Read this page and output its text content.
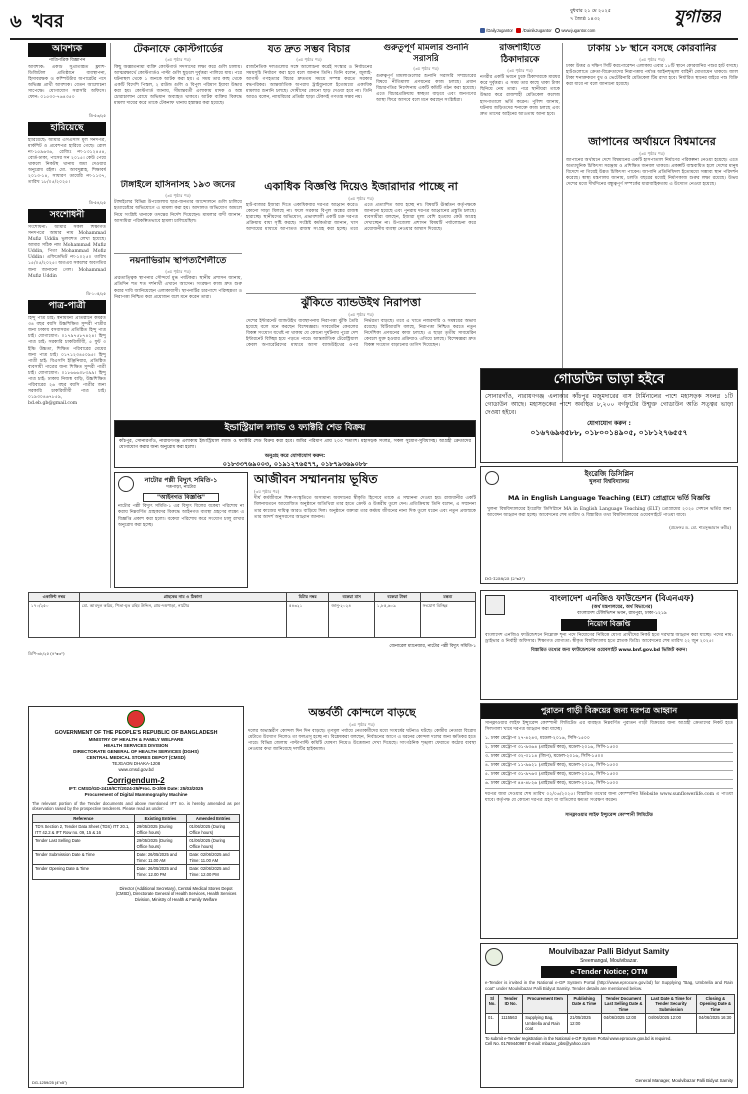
৬ খবর	বুধবার ২১ মে ২০২৫
৭ জ্যৈষ্ঠ ১৪৩২	যুগান্তর
/DailyJugantor /DainikJugantor www.jugantor.com
আবশ্যক
পাত্রিপত্রিক বিজ্ঞাপন
আবশ্যক: একটি সুপ্রতিষ্ঠিত ফ্ল্যাশ-ডিজিটাল প্রতিষ্ঠানে ব্যবস্থাপনা, হিসাবরক্ষক ও কম্পিউটার অপারেটর পদে অভিজ্ঞ প্রার্থী আবশ্যক। বেতন আলোচনা সাপেক্ষে। যোগাযোগ সরাসরি অফিসে। ফোন: ০১৫৩০-৭৬৪৩৫০
ডি-৫৩/২৫
হারিয়েছে
হারিয়েছে: আমার এসএসসি মূল সনদপত্র, মার্কশিট ও প্রবেশপত্র হারিয়ে গেছে। রোল নং-১৫৯৬৩৬, রেজিঃ নং-১৩১২৪৫৪, বোর্ড-ঢাকা, পাসের সন ২০১৫। কেউ পেয়ে থাকলে নিকটস্থ থানায় জমা দেওয়ার অনুরোধ রইল। মো. আবদুল্লাহ, শিক্ষাবর্ষ ২০১৩-১৪, সাধারণ ডায়েরি নং-১১৩৭, তারিখ ১৮/০৫/২০২৫।
ডি-৫৪/২৫
সংশোধনী
সংশোধনী: আমার সকল শিক্ষাগত সনদপত্রে আমার নাম Mohammad Mufiz Uddin ভুলবশত লেখা হয়েছে। আমার সঠিক নাম Mohammad Mufiz Uddin, পিতা Mohammad Mofiz Uddin। এফিডেভিট নং-১০২৫০ তারিখ ১৫/০৫/২০২৫। অতএব সকলের অবগতির জন্য জানানো গেল। Mohammad Mufiz Uddin
ডি-১০৫/২৫
পাত্র-পাত্রী
হিন্দু পাত্র চাই: স্বনামধন্য প্রতিষ্ঠানে কর্মরত ৩৪ বছর বয়সি উচ্চশিক্ষিত সুন্দরী পাত্রীর জন্য ঢাকায় বসবাসরত প্রতিষ্ঠিত হিন্দু পাত্র চাই। যোগাযোগ: ০১৭৯৭৫৮৭৪২৪। হিন্দু পাত্র চাই: সরকারি চাকরিজীবী, ৫ ফুট ৩ ইঞ্চি উচ্চতা, শিক্ষিত পরিবারের মেয়ের জন্য পাত্র চাই। ০১৭১২৩৪৫০৯৫। হিন্দু পাত্রী চাই: বিএসসি ইঞ্জিনিয়ার, প্রতিষ্ঠিত ব্যবসায়ী পাত্রের জন্য শিক্ষিত সুন্দরী পাত্রী চাই। যোগাযোগ: ০১৮৬৬৬০৮৩৯৯। হিন্দু পাত্র চাই: ঢাকায় নিজস্ব বাড়ি, উচ্চশিক্ষিত পরিবারের ২৬ বছর বয়সি পাত্রীর জন্য সরকারি চাকরিজীবী পাত্র চাই। ০১৯৩০৪৬৭৮৫৯, bd.eb.gb@gmail.com
টেকনাফে কোস্টগার্ডের
(৩য় পৃষ্ঠার পর)
কিছু অজ্ঞাতনামা ব্যক্তি কোস্টগার্ড সদস্যদের লক্ষ্য করে গুলি চালায়। আত্মরক্ষার্থে কোস্টগার্ডও পাল্টা গুলি ছুড়লে দুর্বৃত্তরা পালিয়ে যায়। পরে ঘটনাস্থল থেকে ১ জনকে আটক করা হয়। এ সময় তার কাছ থেকে একটি বিদেশি পিস্তল, ২ রাউন্ড গুলি ও বিপুল পরিমাণ ইয়াবা উদ্ধার করা হয়। কোস্টগার্ড জানায়, সীমান্তবর্তী এলাকায় মাদক ও অস্ত্র চোরাচালান রোধে অভিযান অব্যাহত থাকবে। আটক ব্যক্তির বিরুদ্ধে মামলা দায়ের করে তাকে টেকনাফ থানায় হস্তান্তর করা হয়েছে।
টাঙ্গাইলে হাসিনাসহ ১৯৩ জনের
(৩য় পৃষ্ঠার পর)
টাঙ্গাইলের বিভিন্ন উপজেলায় ছাত্র-জনতার আন্দোলনে গুলি চালিয়ে হত্যাচেষ্টার অভিযোগে এ মামলা করা হয়। আদালত অভিযোগ আমলে নিয়ে সংশ্লিষ্ট থানাকে তদন্তের নির্দেশ দিয়েছেন। মামলার বাদী জানান, আসামিরা পরিকল্পিতভাবে হামলা চালিয়েছিল।
নয়নাভিরাম স্থাপত্যশৈলীতে
(৩য় পৃষ্ঠার পর)
প্রত্নতাত্ত্বিক স্থাপনার সৌন্দর্যে মুগ্ধ পর্যটকরা। স্থানীয় প্রশাসন জানায়, প্রতিদিন শত শত দর্শনার্থী এখানে আসেন। সংরক্ষণ কাজ দ্রুত শুরু করার দাবি জানিয়েছেন এলাকাবাসী। স্থাপনাটির চারপাশে পরিচ্ছন্নতা ও নিরাপত্তা নিশ্চিত করা প্রয়োজন বলে মনে করেন তারা।
যত দ্রুত সম্ভব বিচার
(৩য় পৃষ্ঠার পর)
রাজনৈতিক দলগুলোর সঙ্গে আলোচনা করেই সংস্কার ও নির্বাচনের সময়সূচি নির্ধারণ করা হবে বলে জানান তিনি। তিনি বলেন, জুলাই-আগস্ট গণহত্যার বিচার দ্রুততম সময়ে সম্পন্ন করতে সরকার বদ্ধপরিকর। আন্তর্জাতিক অপরাধ ট্রাইব্যুনালে ইতোমধ্যে একাধিক মামলার শুনানি চলছে। দোষীদের কোনো ছাড় দেওয়া হবে না। তিনি আরও বলেন, ন্যায়বিচার প্রতিষ্ঠা ছাড়া টেকসই গণতন্ত্র সম্ভব নয়।
একাধিক বিজ্ঞপ্তি দিয়েও ইজারাদার পাচ্ছে না
(৩য় পৃষ্ঠার পর)
হাট-বাজার ইজারা দিতে একাধিকবার দরপত্র আহ্বান করেও কোনো সাড়া মিলছে না। ফলে সরকার বিপুল অঙ্কের রাজস্ব হারাচ্ছে। স্থানীয়দের অভিযোগ, প্রভাবশালী একটি চক্র দরপত্র প্রক্রিয়ায় বাধা সৃষ্টি করছে। সংশ্লিষ্ট কর্মকর্তারা জানান, খাস আদায়ের মাধ্যমে আপাতত রাজস্ব সংগ্রহ করা হচ্ছে। তবে এতে প্রত্যাশিত আয় হচ্ছে না। বিষয়টি ঊর্ধ্বতন কর্তৃপক্ষকে জানানো হয়েছে এবং পুনরায় দরপত্র আহ্বানের প্রস্তুতি চলছে। ব্যবসায়ীরা বলছেন, ইজারা মূল্য বেশি হওয়ায় কেউ আগ্রহ দেখাচ্ছেন না। উপজেলা প্রশাসন বিষয়টি পর্যালোচনা করে প্রয়োজনীয় ব্যবস্থা নেওয়ার আশ্বাস দিয়েছে।
ঝুঁকিতে ব্যান্ডউইথ নিরাপত্তা
(৩য় পৃষ্ঠার পর)
দেশের ইন্টারনেট ব্যান্ডউইথ ব্যবস্থাপনায় নিরাপত্তা ঝুঁকি তৈরি হয়েছে বলে মনে করছেন বিশেষজ্ঞরা। সাবমেরিন কেবলের বিকল্প সংযোগ যথেষ্ট না থাকায় যে কোনো দুর্ঘটনায় পুরো দেশ ইন্টারনেট বিচ্ছিন্ন হয়ে পড়তে পারে। আন্তর্জাতিক টেরেস্ট্রিয়াল কেবল অপারেটরদের মাধ্যমে আসা ব্যান্ডউইথের ওপর নির্ভরতা বাড়ছে। তবে এ খাতে নজরদারি ও সমন্বয়ের অভাব রয়েছে। বিটিআরসি বলছে, নিরাপত্তা নিশ্চিত করতে নতুন নির্দেশিকা প্রণয়নের কাজ চলছে। এ ছাড়া তৃতীয় সাবমেরিন কেবলে যুক্ত হওয়ার প্রক্রিয়াও এগিয়ে চলছে। বিশেষজ্ঞরা দ্রুত বিকল্প সংযোগ বাড়ানোর তাগিদ দিয়েছেন।
গুরুতুপূর্ণ মামলার শুনানি সরাসরি
(৩য় পৃষ্ঠার পর)
গুরুত্বপূর্ণ মামলাগুলোর শুনানি সরাসরি সম্প্রচারের বিষয়ে নীতিমালা প্রণয়নের কাজ চলছে। প্রধান বিচারপতির নির্দেশনায় একটি কমিটি গঠন করা হয়েছে। এতে বিচারপ্রক্রিয়ায় স্বচ্ছতা বাড়বে এবং জনগণের আস্থা ফিরে আসবে বলে মনে করছেন সংশ্লিষ্টরা।
রাজশাহীতে ঠিকাদারকে
(৩য় পৃষ্ঠার পর)
নগরীর একটি ভবনে ঢুকে ঠিকাদারকে মারধর করে দুর্বৃত্তরা। এ সময় তার কাছে থাকা টাকা ছিনিয়ে নেয় তারা। পরে স্থানীয়রা তাকে উদ্ধার করে রাজশাহী মেডিকেল কলেজ হাসপাতালে ভর্তি করেন। পুলিশ জানায়, ঘটনায় জড়িতদের শনাক্তে কাজ চলছে এবং দ্রুত তাদের আইনের আওতায় আনা হবে।
ঢাকায় ১৮ স্থানে বসছে কোরবানির
(৩য় পৃষ্ঠার পর)
ঢাকা উত্তর ও দক্ষিণ সিটি করপোরেশন এলাকায় এবার ১৮টি স্থানে কোরবানির পশুর হাট বসছে। হাটগুলোতে ক্রেতা-বিক্রেতাদের নিরাপত্তায় পর্যাপ্ত আইনশৃঙ্খলা বাহিনী মোতায়েন থাকবে। জাল টাকা শনাক্তকরণ বুথ ও ভেটেরিনারি মেডিকেল টিম রাখা হবে। নির্ধারিত স্থানের বাইরে পশু বিক্রি করা যাবে না বলে জানানো হয়েছে।
জাপানের অর্থায়নে বিশ্বমানের
(৩য় পৃষ্ঠার পর)
জাপানের অর্থায়নে দেশে বিশ্বমানের একটি হাসপাতাল নির্মাণের পরিকল্পনা নেওয়া হয়েছে। এতে অত্যাধুনিক চিকিৎসা সরঞ্জাম ও প্রশিক্ষিত জনবল থাকবে। প্রকল্পটি বাস্তবায়িত হলে দেশের মানুষ বিদেশে না গিয়েই উন্নত চিকিৎসা পাবেন। জাপানি প্রতিনিধিদল ইতোমধ্যে সম্ভাব্য স্থান পরিদর্শন করেছে। স্বাস্থ্য মন্ত্রণালয় জানায়, চলতি বছরের মধ্যেই নির্মাণকাজ শুরুর লক্ষ্য রয়েছে। উভয় দেশের মধ্যে দীর্ঘদিনের বন্ধুত্বপূর্ণ সম্পর্কের ধারাবাহিকতায় এ উদ্যোগ নেওয়া হয়েছে।
গোডাউন ভাড়া হইবে
সোনারগাঁও, নারায়ণগঞ্জ এলাকার কাঁচপুর মজুমদারের বাস টার্মিনালের পাশে মহাসড়ক সংলগ্ন ১টি গোডাউন আছে। মহাসড়কের পাশে অবস্থিত ৮,২০০ বর্গফুটের উন্মুক্ত গোডাউন অতি সত্ত্বর ভাড়া দেওয়া হইবে।
যোগাযোগ করুন :
০১৬৭৬৯৩৫৮৮, ০১৮০০১৪৯০৫, ০১৮১২৭৬৫৫৭
ইংরেজি ডিসিপ্লিন
খুলনা বিশ্ববিদ্যালয়
MA in English Language Teaching (ELT) প্রোগ্রামে ভর্তি বিজ্ঞপ্তি
খুলনা বিশ্ববিদ্যালয়ের ইংরেজি ডিসিপ্লিনে MA in English Language Teaching (ELT) প্রোগ্রামের ২০২৫ সেশনে ভর্তির জন্য আবেদন আহ্বান করা হচ্ছে। আবেদনের শেষ তারিখ ও বিস্তারিত তথ্য বিশ্ববিদ্যালয়ের ওয়েবসাইটে পাওয়া যাবে।
(প্রফেসর ড. মো. শামসুজ্জামান কবীর)
DG-1258/25 (2"x3")
ইন্ডাস্ট্রিয়াল ল্যান্ড ও ফ্যাক্টরি শেড বিক্রয়
কাঁচপুর, সোনারগাঁও, নারায়ণগঞ্জ এলাকায় ইন্ডাস্ট্রিয়াল ল্যান্ড ও ফ্যাক্টরি শেড বিক্রয় করা হবে। জমির পরিমাণ প্রায় ২০০ শতাংশ। মহাসড়ক সংলগ্ন, সকল সুযোগ-সুবিধাসহ। আগ্রহী ক্রেতাদের যোগাযোগ করার জন্য অনুরোধ করা হলো।
অনুগ্রহ করে যোগাযোগ করুন:
০১৮৩৩৭৬৯০০৩, ০১৯১২৭৬৫৭৭, ০১৮৭৯৩৬৯০৮৮
আজীবন সম্মাননায় ভূষিত
(৩য় পৃষ্ঠার পর)
দীর্ঘ কর্মজীবনে শিল্প-সংস্কৃতিতে অসামান্য অবদানের স্বীকৃতি হিসেবে তাকে এ সম্মাননা দেওয়া হয়। রাজধানীর একটি মিলনায়তনে আয়োজিত অনুষ্ঠানে অতিথিরা তার হাতে ক্রেস্ট ও উত্তরীয় তুলে দেন। প্রতিক্রিয়ায় তিনি বলেন, এ সম্মাননা তার কাজের দায়িত্ব আরও বাড়িয়ে দিল। অনুষ্ঠানে বক্তারা তার কর্মময় জীবনের নানা দিক তুলে ধরেন এবং নতুন প্রজন্মকে তার আদর্শ অনুসরণের আহ্বান জানান।
নাটোর পল্লী বিদ্যুৎ সমিতি-১
দত্তপাড়া, নাটোর
"আইনগত বিজ্ঞপ্তি"
নাটোর পল্লী বিদ্যুৎ সমিতি-১ এর বিদ্যুৎ বিলের বকেয়া পরিশোধ না করায় নিম্নবর্ণিত গ্রাহকদের বিরুদ্ধে আইনগত ব্যবস্থা গ্রহণের লক্ষ্যে এ বিজ্ঞপ্তি প্রকাশ করা হলো। বকেয়া পরিশোধ করে সংযোগ চালু রাখার অনুরোধ করা হচ্ছে।
একাউন্ট নম্বর	গ্রাহকের নাম ও ঠিকানা	মিটার নম্বর	বকেয়া মাস	বকেয়া টাকা	মন্তব্য
১৭০/২৫০	মো. আবদুল করিম, পিতা-মৃত রহিম উদ্দিন, গ্রাম-দত্তপাড়া, নাটোর	৫৪৩২১	জানু-২০২৪	১,৮৫,৬০৯	সংযোগ বিচ্ছিন্ন
জেনারেল ম্যানেজার, নাটোর পল্লী বিদ্যুৎ সমিতি-১
ডিপি-৩৮/২৫ (৪"x৩")
GOVERNMENT OF THE PEOPLE'S REPUBLIC OF BANGLADESH
MINISTRY OF HEALTH & FAMILY WELFARE
HEALTH SERVICES DIVISION
DIRECTORATE GENERAL OF HEALTH SERVICES (DGHS)
CENTRAL MEDICAL STORES DEPOT (CMSD)
TEJGAON DHAKA-1208
www.cmsd.gov.bd
Corrigendum-2
IFT: CMSD/GD-2419/ICT/2024-25/Proc. D-3/09 Date: 25/03/2025
Procurement of Digital Mammography Machine
The relevant portion of the Tender documents and above mentioned IFT no. is hereby amended as per observation raised by the prospective tenderers. Please read as under:
Reference	Existing Entries	Amended Entries
TD's Section 2, Tender Data Sheet (TDS) ITT 20.1, ITT 42.2 & IFT Row no. 09, 15 & 16	29/05/2025 (During Office hours)	01/06/2025 (During Office hours)
Tender Last Selling Date	29/05/2025 (During Office hours)	01/06/2025 (During Office hours)
Tender Submission Date & Time	Date: 26/05/2025 and Time: 11.00 AM	Date: 02/06/2025 and Time: 11.00 AM
Tender Opening Date & Time	Date: 26/05/2025 and Time: 12.00 PM	Date: 02/06/2025 and Time: 12.00 PM
Director (Additional Secretary), Central Medical Stores Depot (CMSD), Directorate General of Health Services, Health Services Division, Ministry of Health & Family Welfare
DG-1259/25 (4"x5")
অন্তর্বর্তী কোন্দলে বাড়ছে
(৩য় পৃষ্ঠার পর)
দলের অভ্যন্তরীণ কোন্দল দিন দিন বাড়ছে। তৃণমূল পর্যায়ে নেতাকর্মীদের মধ্যে সংঘর্ষের ঘটনাও ঘটছে। কেন্দ্রীয় নেতারা বিরোধ মেটাতে উদ্যোগ নিলেও তা ফলপ্রসূ হচ্ছে না। বিশ্লেষকরা বলছেন, নির্বাচনের আগে এ ধরনের কোন্দল দলের জন্য ক্ষতিকর হতে পারে। বিভিন্ন জেলায় পাল্টাপাল্টি কমিটি ঘোষণা নিয়েও উত্তেজনা দেখা দিয়েছে। সাংগঠনিক শৃঙ্খলা ফেরাতে কঠোর ব্যবস্থা নেওয়ার কথা জানিয়েছে দলটির হাইকমান্ড।
বাংলাদেশ এনজিও ফাউন্ডেশন (বিএনএফ)
(অর্থ মন্ত্রণালয়ের, অর্থ বিভাগের)
বাংলাদেশ টেলিভিশন ভবন, রামপুরা, ঢাকা-১২১৯
নিয়োগ বিজ্ঞপ্তি
বাংলাদেশ এনজিও ফাউন্ডেশনে নিম্নোক্ত শূন্য পদে নিয়োগের নিমিত্তে যোগ্য প্রার্থীদের নিকট হতে দরখাস্ত আহ্বান করা যাচ্ছে। পদের নাম: ড্রাইভার ও নির্বাহী অফিসার। শিক্ষাগত যোগ্যতা: স্বীকৃত বিশ্ববিদ্যালয় হতে স্নাতক ডিগ্রি। আবেদনের শেষ তারিখ ২২ জুন ২০২৫।
বিস্তারিত তথ্যের জন্য ফাউন্ডেশনের ওয়েবসাইট www.bnf.gov.bd ভিজিট করুন।
পুরাতন গাড়ী বিক্রয়ের জন্য দরপত্র আহ্বান
সানফ্লাওয়ার লাইফ ইন্স্যুরেন্স কোম্পানী লিমিটেড এর ব্যবহৃত নিম্নবর্ণিত পুরাতন গাড়ী বিক্রয়ের জন্য আগ্রহী ক্রেতাদের নিকট হতে সিলগালা খামে দরপত্র আহ্বান করা যাচ্ছে।
১. ঢাকা মেট্রো-গ ২৭-৪২৪৩, মডেল-২০১৬, সিসি-১৫০০
২. ঢাকা মেট্রো-গ ৩১-৯৩৬৪ (প্রাইভেট কার), মডেল-২০১৬, সিসি-১৫০০
৩. ঢাকা মেট্রো-গ ৩২-৩১১৪ (জিপ), মডেল-২০১৬, সিসি-১৫০০
৪. ঢাকা মেট্রো-গ ১১-৯৬২১ (প্রাইভেট কার), মডেল-২০১৬, সিসি-১৫০০
৫. ঢাকা মেট্রো-গ ৩১-৯৭৬৩ (প্রাইভেট কার), মডেল-২০১৬, সিসি-১৫০০
৬. ঢাকা মেট্রো-গ ৪৪-৪৮২৬ (প্রাইভেট কার), মডেল-২০১৬, সিসি-১৫০০
দরপত্র জমা দেওয়ার শেষ তারিখ ০২/০৬/২০২৫। বিস্তারিত তথ্যের জন্য কোম্পানির Website www.sunflowerlife.com এ পাওয়া যাবে। কর্তৃপক্ষ যে কোনো দরপত্র গ্রহণ বা বাতিলের ক্ষমতা সংরক্ষণ করেন।
সানফ্লাওয়ার লাইফ ইন্স্যুরেন্স কোম্পানী লিমিটেড
Moulvibazar Palli Bidyut Samity
Sreemangal, Moulvibazar.
e-Tender Notice; OTM
e-Tender is invited in the National e-GP System Portal (http://www.eprocure.gov.bd) for Supplying "Bag, Umbrella and Rain coat" under Moulvibazar Palli Bidyut Samity. Tender details are mentioned below.
Sl No.	Tender ID No.	Procurement Item	Publishing Date & Time	Tender Document Last Selling Date & Time	Last Date & Time for Tender Security Submission	Closing & Opening Date & Time
01.	1115563	Supplying Bag, Umbrella and Rain coat	21/05/2025 12:00	04/06/2025 12:00	04/06/2025 12:00	04/06/2025 16:30
To submit e-Tender registration in the National e-GP System Portal www.eprocure.gov.bd is required.
Cell No. 01769440987 E-mail: mbazar_pbs@yahoo.com
General Manager, Moulvibazar Palli Bidyut Samity
